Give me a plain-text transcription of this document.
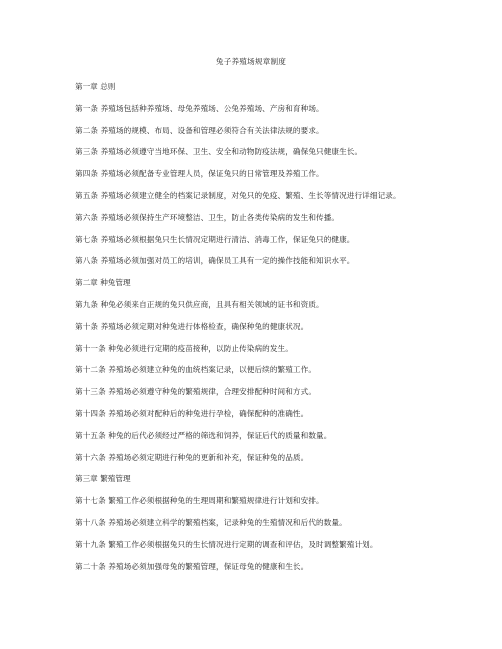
兔子养殖场规章制度
第一章 总则
第一条 养殖场包括种养殖场、母兔养殖场、公兔养殖场、产房和育种场。
第二条 养殖场的规模、布局、设备和管理必须符合有关法律法规的要求。
第三条 养殖场必须遵守当地环保、卫生、安全和动物防疫法规，确保兔只健康生长。
第四条 养殖场必须配备专业管理人员，保证兔只的日常管理及养殖工作。
第五条 养殖场必须建立健全的档案记录制度，对兔只的免疫、繁殖、生长等情况进行详细记录。
第六条 养殖场必须保持生产环境整洁、卫生，防止各类传染病的发生和传播。
第七条 养殖场必须根据兔只生长情况定期进行清洁、消毒工作，保证兔只的健康。
第八条 养殖场必须加强对员工的培训，确保员工具有一定的操作技能和知识水平。
第二章 种兔管理
第九条 种兔必须来自正规的兔只供应商，且具有相关领域的证书和资质。
第十条 养殖场必须定期对种兔进行体格检查，确保种兔的健康状况。
第十一条 种兔必须进行定期的疫苗接种，以防止传染病的发生。
第十二条 养殖场必须建立种兔的血统档案记录，以便后续的繁殖工作。
第十三条 养殖场必须遵守种兔的繁殖规律，合理安排配种时间和方式。
第十四条 养殖场必须对配种后的种兔进行孕检，确保配种的准确性。
第十五条 种兔的后代必须经过严格的筛选和饲养，保证后代的质量和数量。
第十六条 养殖场必须定期进行种兔的更新和补充，保证种兔的品质。
第三章 繁殖管理
第十七条 繁殖工作必须根据种兔的生理周期和繁殖规律进行计划和安排。
第十八条 养殖场必须建立科学的繁殖档案，记录种兔的生殖情况和后代的数量。
第十九条 繁殖工作必须根据兔只的生长情况进行定期的调查和评估，及时调整繁殖计划。
第二十条 养殖场必须加强母兔的繁殖管理，保证母兔的健康和生长。
